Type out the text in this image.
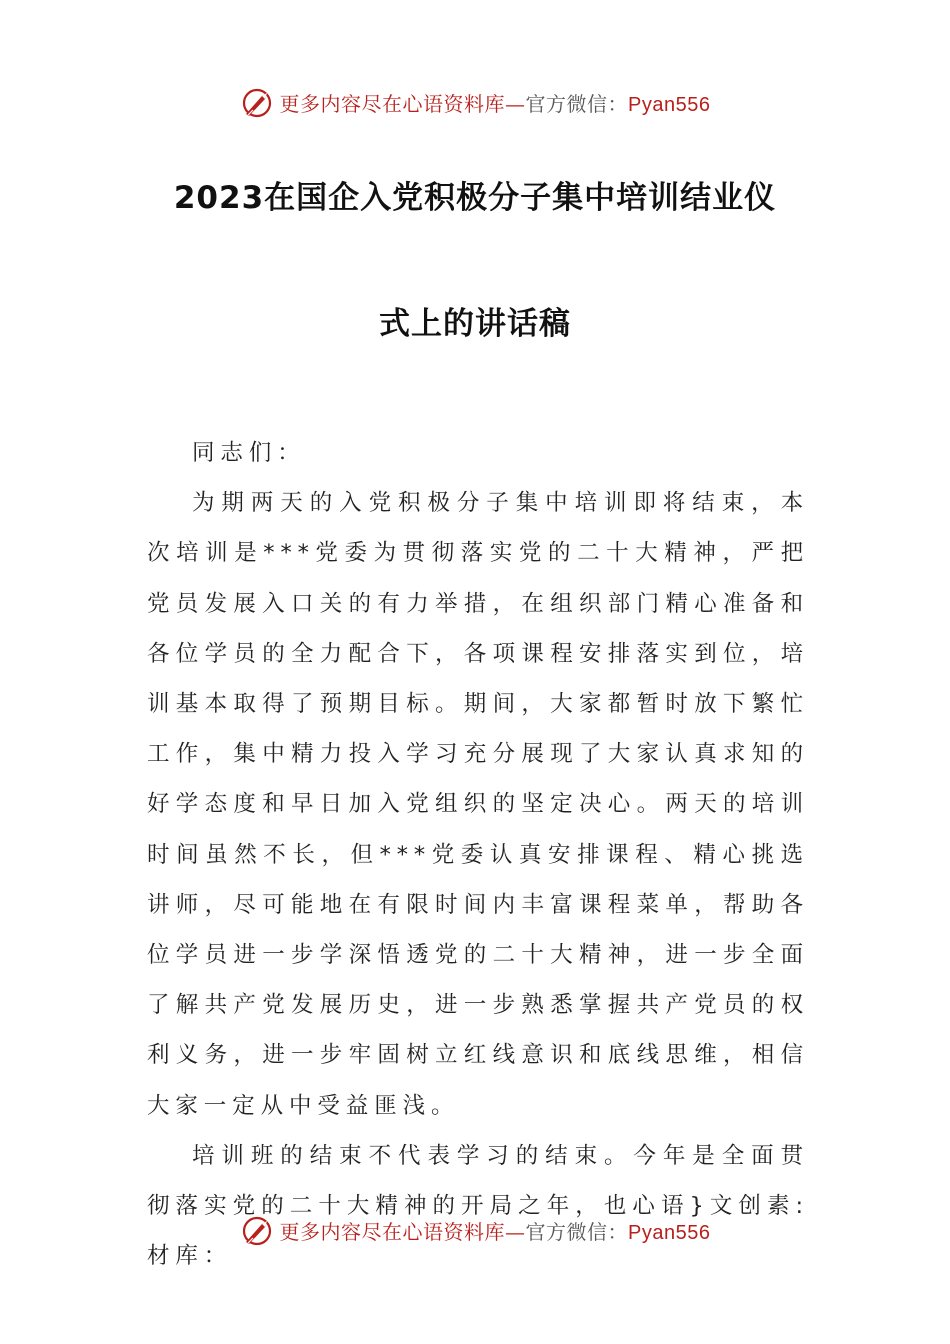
更多内容尽在心语资料库—官方微信：Pyan556
2023在国企入党积极分子集中培训结业仪
式上的讲话稿

同志们：

为期两天的入党积极分子集中培训即将结束，本次培训是***党委为贯彻落实党的二十大精神，严把党员发展入口关的有力举措，在组织部门精心准备和各位学员的全力配合下，各项课程安排落实到位，培训基本取得了预期目标。期间，大家都暂时放下繁忙工作，集中精力投入学习充分展现了大家认真求知的好学态度和早日加入党组织的坚定决心。两天的培训时间虽然不长，但***党委认真安排课程、精心挑选讲师，尽可能地在有限时间内丰富课程菜单，帮助各位学员进一步学深悟透党的二十大精神，进一步全面了解共产党发展历史，进一步熟悉掌握共产党员的权利义务，进一步牢固树立红线意识和底线思维，相信大家一定从中受益匪浅。

培训班的结束不代表学习的结束。今年是全面贯彻落实党的二十大精神的开局之年，也心语}文创素:材库：

更多内容尽在心语资料库—官方微信：Pyan556
